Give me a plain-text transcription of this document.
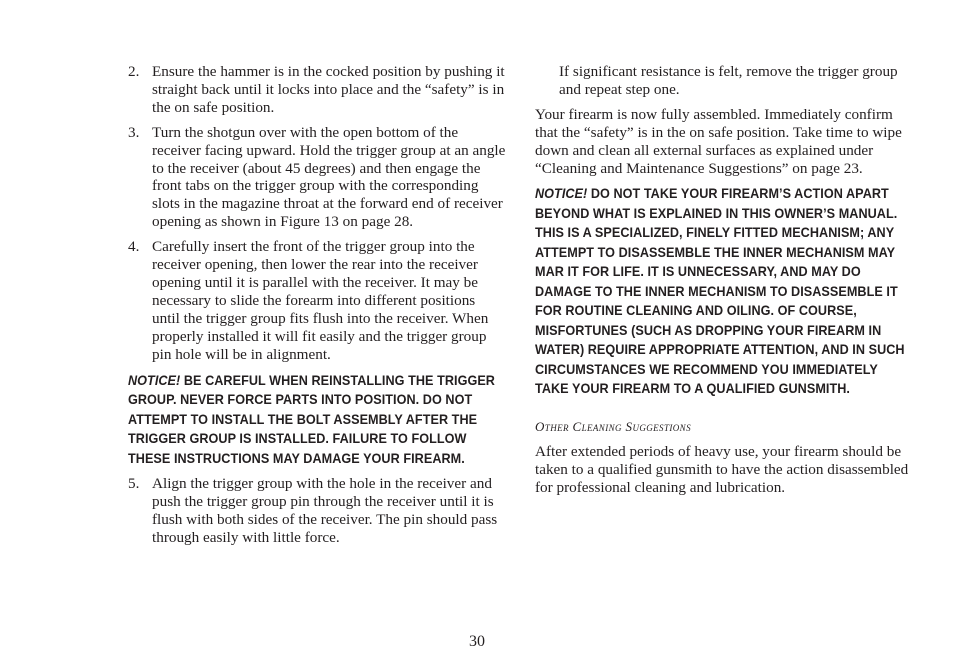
2. Ensure the hammer is in the cocked position by pushing it straight back until it locks into place and the “safety” is in the on safe position.
3. Turn the shotgun over with the open bottom of the receiver facing upward. Hold the trigger group at an angle to the receiver (about 45 degrees) and then engage the front tabs on the trigger group with the corresponding slots in the magazine throat at the forward end of receiver opening as shown in Figure 13 on page 28.
4. Carefully insert the front of the trigger group into the receiver opening, then lower the rear into the receiver opening until it is parallel with the receiver. It may be necessary to slide the forearm into different positions until the trigger group fits flush into the receiver. When properly installed it will fit easily and the trigger group pin hole will be in alignment.
NOTICE! BE CAREFUL WHEN REINSTALLING THE TRIGGER GROUP. NEVER FORCE PARTS INTO POSITION. DO NOT ATTEMPT TO INSTALL THE BOLT ASSEMBLY AFTER THE TRIGGER GROUP IS INSTALLED. FAILURE TO FOLLOW THESE INSTRUCTIONS MAY DAMAGE YOUR FIREARM.
5. Align the trigger group with the hole in the receiver and push the trigger group pin through the receiver until it is flush with both sides of the receiver. The pin should pass through easily with little force.

If significant resistance is felt, remove the trigger group and repeat step one.

Your firearm is now fully assembled. Immediately confirm that the “safety” is in the on safe position. Take time to wipe down and clean all external surfaces as explained under “Cleaning and Maintenance Suggestions” on page 23.

NOTICE! DO NOT TAKE YOUR FIREARM’S ACTION APART BEYOND WHAT IS EXPLAINED IN THIS OWNER’S MANUAL. THIS IS A SPECIALIZED, FINELY FITTED MECHANISM; ANY ATTEMPT TO DISASSEMBLE THE INNER MECHANISM MAY MAR IT FOR LIFE. IT IS UNNECESSARY, AND MAY DO DAMAGE TO THE INNER MECHANISM TO DISASSEMBLE IT FOR ROUTINE CLEANING AND OILING. OF COURSE, MISFORTUNES (SUCH AS DROPPING YOUR FIREARM IN WATER) REQUIRE APPROPRIATE ATTENTION, AND IN SUCH CIRCUMSTANCES WE RECOMMEND YOU IMMEDIATELY TAKE YOUR FIREARM TO A QUALIFIED GUNSMITH.
Other Cleaning Suggestions

After extended periods of heavy use, your firearm should be taken to a qualified gunsmith to have the action disassembled for professional cleaning and lubrication.

30
